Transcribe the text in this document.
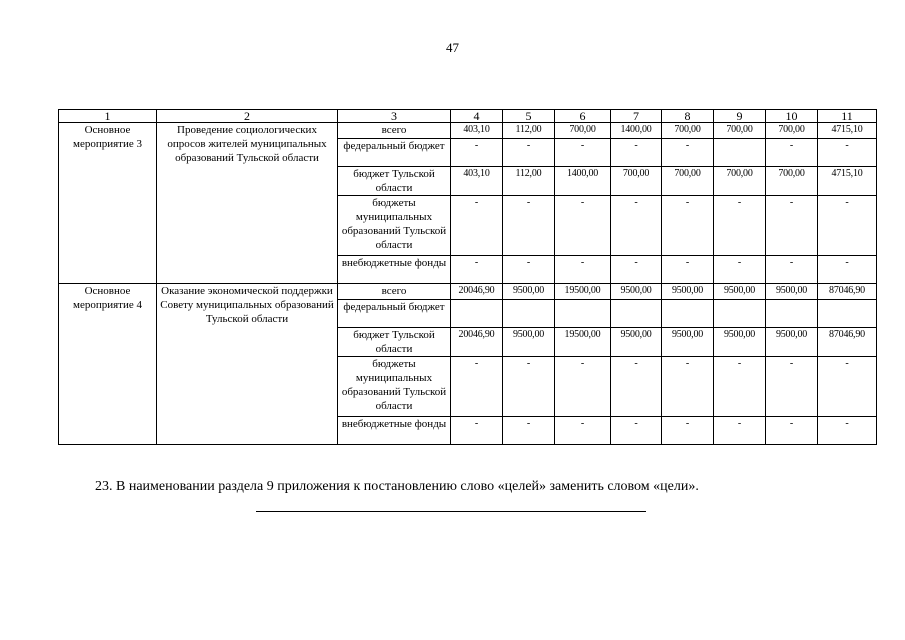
47
1	2	3	4	5	6	7	8	9	10	11
Основное мероприятие 3	Проведение социологических опросов жителей муниципальных образований Тульской области	всего	403,10	112,00	700,00	1400,00	700,00	700,00	700,00	4715,10
		федеральный бюджет	-	-	-	-	-		-	-
		бюджет Тульской области	403,10	112,00	1400,00	700,00	700,00	700,00	700,00	4715,10
		бюджеты муниципальных образований Тульской области	-	-	-	-	-	-	-	-
		внебюджетные фонды	-	-	-	-	-	-	-	-
Основное мероприятие 4	Оказание экономической поддержки Совету муниципальных образований Тульской области	всего	20046,90	9500,00	19500,00	9500,00	9500,00	9500,00	9500,00	87046,90
		федеральный бюджет								
		бюджет Тульской области	20046,90	9500,00	19500,00	9500,00	9500,00	9500,00	9500,00	87046,90
		бюджеты муниципальных образований Тульской области	-	-	-	-	-	-	-	-
		внебюджетные фонды	-	-	-	-	-	-	-	-
23. В наименовании раздела 9 приложения к постановлению слово «целей» заменить словом «цели».
